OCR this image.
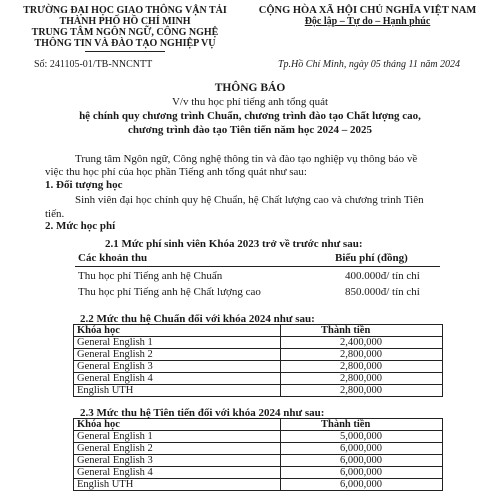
TRƯỜNG ĐẠI HỌC GIAO THÔNG VẬN TẢI
THÀNH PHỐ HỒ CHÍ MINH
TRUNG TÂM NGÔN NGỮ, CÔNG NGHỆ
THÔNG TIN VÀ ĐÀO TẠO NGHIỆP VỤ
CỘNG HÒA XÃ HỘI CHỦ NGHĨA VIỆT NAM
Độc lập – Tự do – Hạnh phúc
Số: 241105-01/TB-NNCNTT	Tp.Hồ Chí Minh, ngày 05 tháng 11 năm 2024
THÔNG BÁO
V/v thu học phí tiếng anh tổng quát
hệ chính quy chương trình Chuẩn, chương trình đào tạo Chất lượng cao,
chương trình đào tạo Tiên tiến năm học 2024 – 2025
Trung tâm Ngôn ngữ, Công nghệ thông tin và đào tạo nghiệp vụ thông báo về
việc thu học phí của học phần Tiếng anh tổng quát như sau:
1. Đối tượng học
Sinh viên đại học chính quy hệ Chuẩn, hệ Chất lượng cao và chương trình Tiên
tiến.
2. Mức học phí
2.1 Mức phí sinh viên Khóa 2023 trở về trước như sau:
Các khoản thu	Biểu phí (đồng)
Thu học phí Tiếng anh hệ Chuẩn	400.000đ/ tín chỉ
Thu học phí Tiếng anh hệ Chất lượng cao	850.000đ/ tín chỉ
2.2 Mức thu hệ Chuẩn đối với khóa 2024 như sau:
Khóa học	Thành tiền
General English 1	2,400,000
General English 2	2,800,000
General English 3	2,800,000
General English 4	2,800,000
English UTH	2,800,000
2.3 Mức thu hệ Tiên tiến đối với khóa 2024 như sau:
Khóa học	Thành tiền
General English 1	5,000,000
General English 2	6,000,000
General English 3	6,000,000
General English 4	6,000,000
English UTH	6,000,000
